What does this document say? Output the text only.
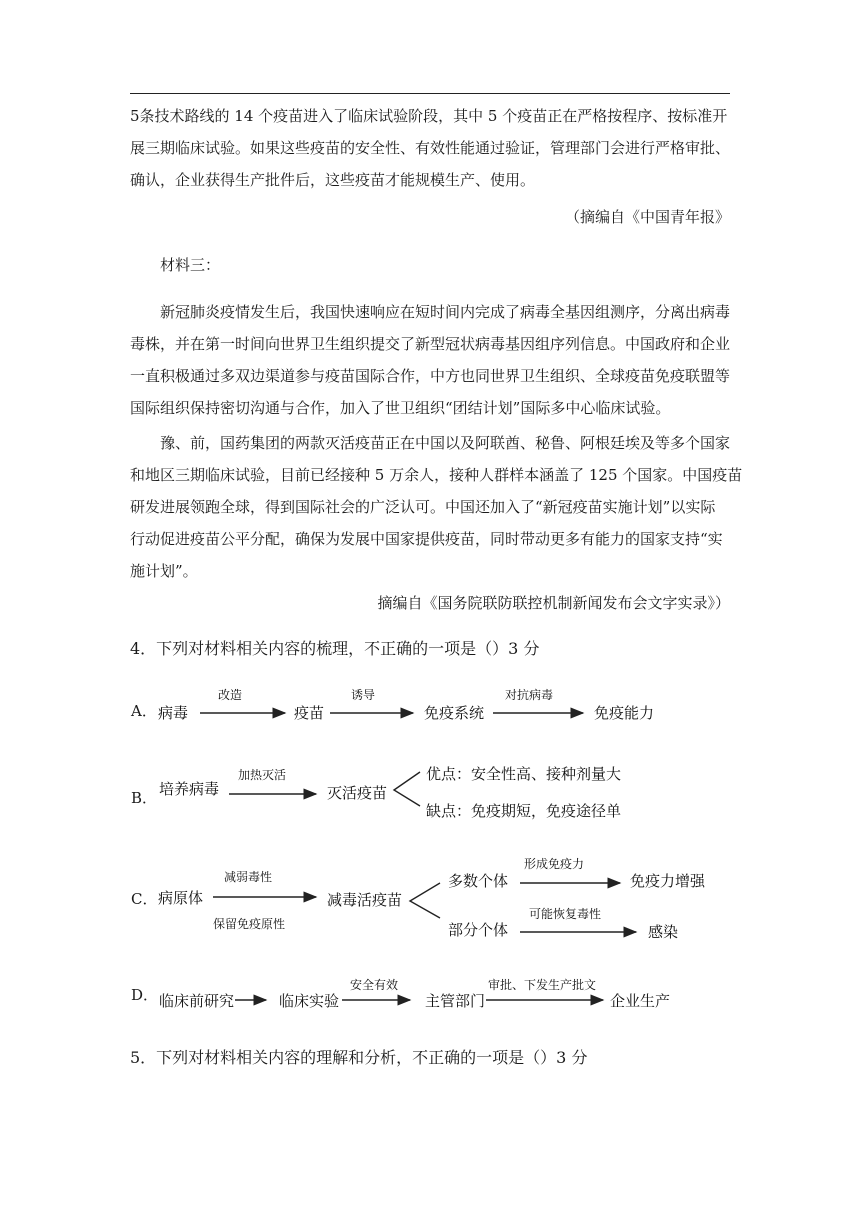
5条技术路线的 14 个疫苗进入了临床试验阶段，其中 5 个疫苗正在严格按程序、按标准开
展三期临床试验。如果这些疫苗的安全性、有效性能通过验证，管理部门会进行严格审批、
确认，企业获得生产批件后，这些疫苗才能规模生产、使用。

（摘编自《中国青年报》
材料三：

新冠肺炎疫情发生后，我国快速响应在短时间内完成了病毒全基因组测序，分离出病毒
毒株，并在第一时间向世界卫生组织提交了新型冠状病毒基因组序列信息。中国政府和企业
一直积极通过多双边渠道参与疫苗国际合作，中方也同世界卫生组织、全球疫苗免疫联盟等
国际组织保持密切沟通与合作，加入了世卫组织“团结计划”国际多中心临床试验。

豫、前，国药集团的两款灭活疫苗正在中国以及阿联酋、秘鲁、阿根廷埃及等多个国家
和地区三期临床试验，目前已经接种 5 万余人，接种人群样本涵盖了 125 个国家。中国疫苗
研发进展领跑全球，得到国际社会的广泛认可。中国还加入了“新冠疫苗实施计划”以实际
行动促进疫苗公平分配，确保为发展中国家提供疫苗，同时带动更多有能力的国家支持“实
施计划”。

摘编自《国务院联防联控机制新闻发布会文字实录》）
4．下列对材料相关内容的梳理，不正确的一项是（）3 分
A． 病毒
改造
疫苗
诱导
免疫系统
对抗病毒
免疫能力
B． 培养病毒
加热灭活
灭活疫苗
优点：安全性高、接种剂量大
缺点：免疫期短，免疫途径单
C． 病原体
减弱毒性
保留免疫原性
减毒活疫苗
多数个体
形成免疫力
免疫力增强
部分个体
可能恢复毒性
感染
D． 临床前研究	临床实验
安全有效
主管部门
审批、下发生产批文
企业生产
5．下列对材料相关内容的理解和分析，不正确的一项是（）3 分
